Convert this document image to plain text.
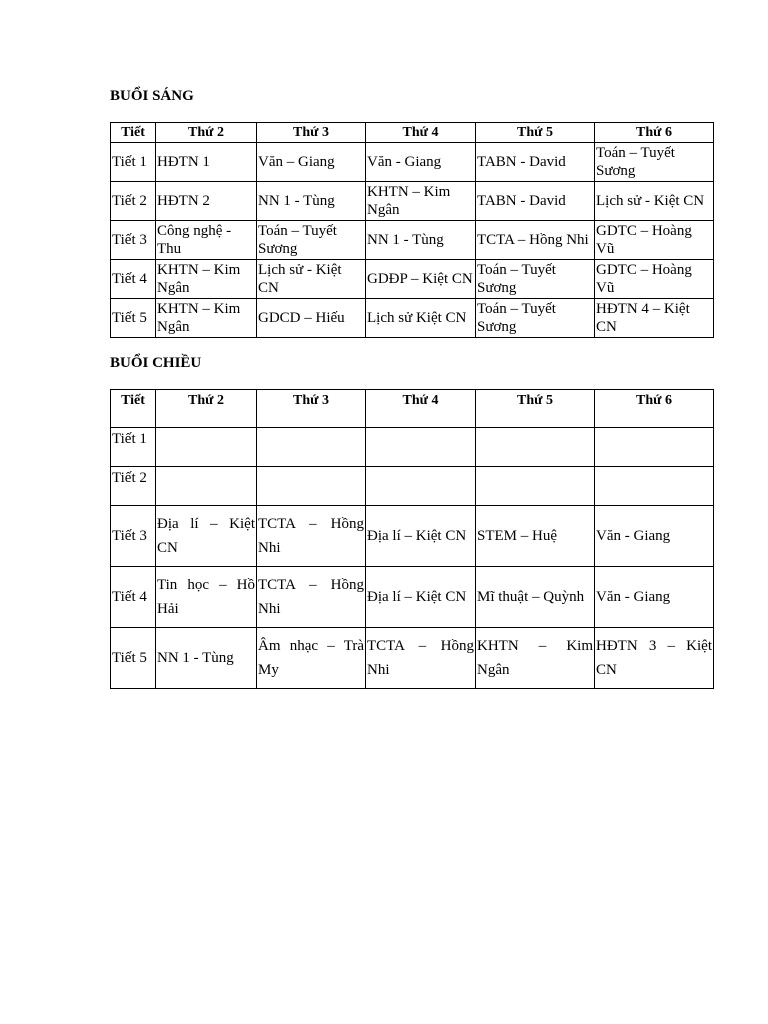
BUỔI SÁNG
Tiết	Thứ 2	Thứ 3	Thứ 4	Thứ 5	Thứ 6
Tiết 1	HĐTN 1	Văn – Giang	Văn - Giang	TABN - David	Toán – Tuyết Sương
Tiết 2	HĐTN 2	NN 1 - Tùng	KHTN – Kim Ngân	TABN - David	Lịch sử - Kiệt CN
Tiết 3	Công nghệ - Thu	Toán – Tuyết Sương	NN 1 - Tùng	TCTA – Hồng Nhi	GDTC – Hoàng Vũ
Tiết 4	KHTN – Kim Ngân	Lịch sử - Kiệt CN	GDĐP – Kiệt CN	Toán – Tuyết Sương	GDTC – Hoàng Vũ
Tiết 5	KHTN – Kim Ngân	GDCD – Hiếu	Lịch sử Kiệt CN	Toán – Tuyết Sương	HĐTN 4 – Kiệt CN
BUỔI CHIỀU
Tiết	Thứ 2	Thứ 3	Thứ 4	Thứ 5	Thứ 6
Tiết 1					
Tiết 2					
Tiết 3	Địa lí – Kiệt CN	TCTA – Hồng Nhi	Địa lí – Kiệt CN	STEM – Huệ	Văn - Giang
Tiết 4	Tin học – Hồ Hải	TCTA – Hồng Nhi	Địa lí – Kiệt CN	Mĩ thuật – Quỳnh	Văn - Giang
Tiết 5	NN 1 - Tùng	Âm nhạc – Trà My	TCTA – Hồng Nhi	KHTN – Kim Ngân	HĐTN 3 – Kiệt CN
